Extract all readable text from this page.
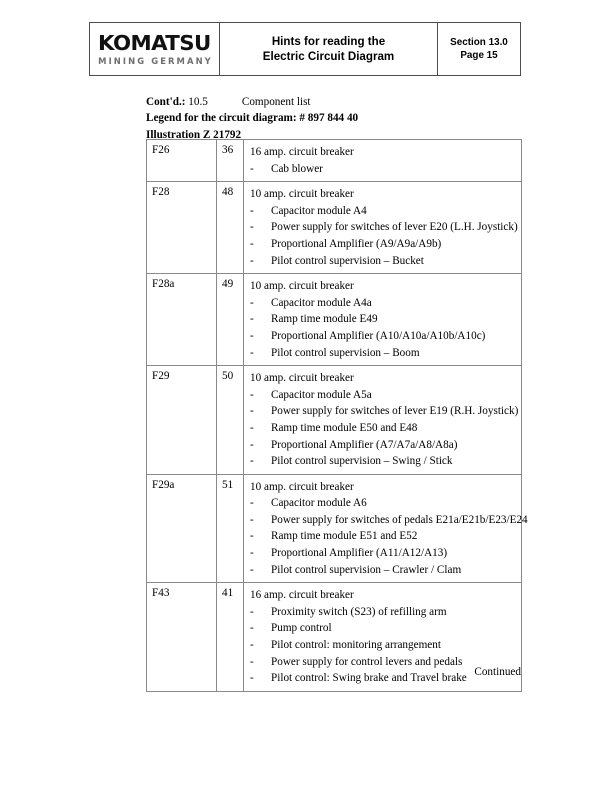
KOMATSU
MINING GERMANY
Hints for reading the
Electric Circuit Diagram
Section 13.0
Page 15
Cont'd.: 10.5	Component list
Legend for the circuit diagram: # 897 844 40
Illustration Z 21792
F26	36	16 amp. circuit breaker
-	Cab blower

F28	48	10 amp. circuit breaker
-	Capacitor module A4
-	Power supply for switches of lever E20 (L.H. Joystick)
-	Proportional Amplifier (A9/A9a/A9b)
-	Pilot control supervision – Bucket

F28a	49	10 amp. circuit breaker
-	Capacitor module A4a
-	Ramp time module E49
-	Proportional Amplifier (A10/A10a/A10b/A10c)
-	Pilot control supervision – Boom

F29	50	10 amp. circuit breaker
-	Capacitor module A5a
-	Power supply for switches of lever E19 (R.H. Joystick)
-	Ramp time module E50 and E48
-	Proportional Amplifier (A7/A7a/A8/A8a)
-	Pilot control supervision – Swing / Stick

F29a	51	10 amp. circuit breaker
-	Capacitor module A6
-	Power supply for switches of pedals E21a/E21b/E23/E24
-	Ramp time module E51 and E52
-	Proportional Amplifier (A11/A12/A13)
-	Pilot control supervision – Crawler / Clam

F43	41	16 amp. circuit breaker
-	Proximity switch (S23) of refilling arm
-	Pump control
-	Pilot control: monitoring arrangement
-	Power supply for control levers and pedals
-	Pilot control: Swing brake and Travel brake
Continued
